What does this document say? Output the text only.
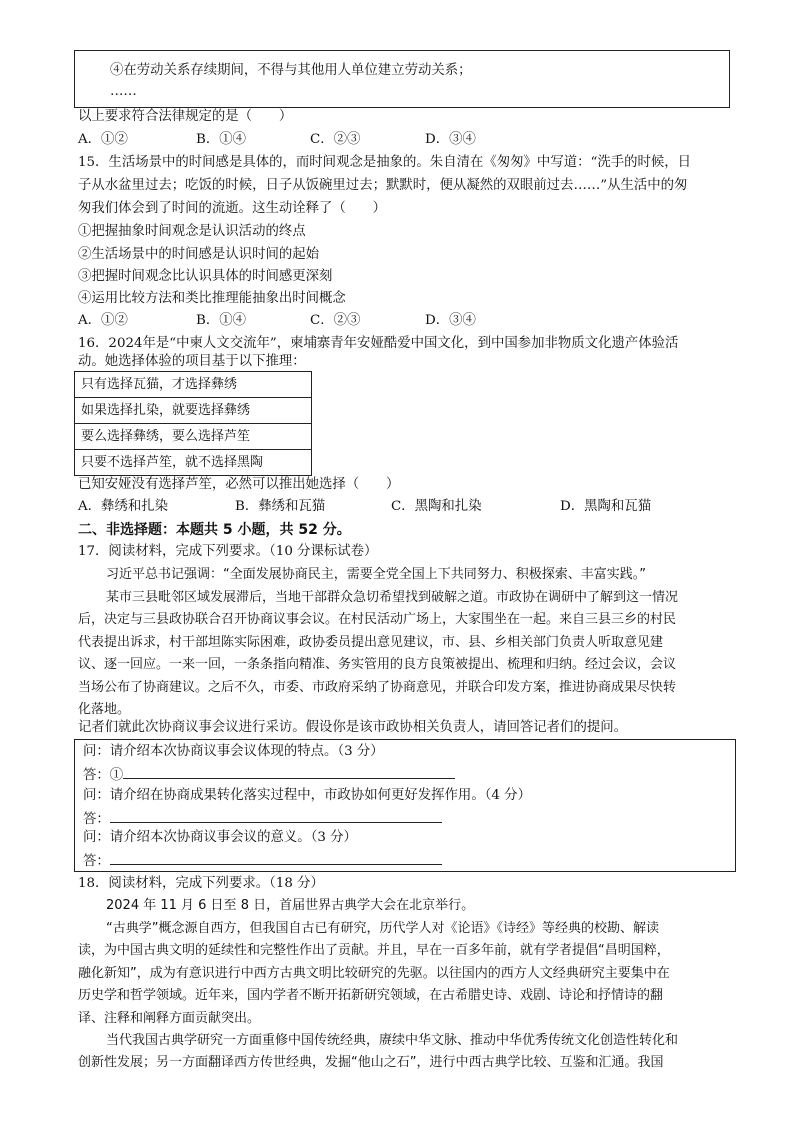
④在劳动关系存续期间，不得与其他用人单位建立劳动关系；
……
以上要求符合法律规定的是（　　）
A．①②	B．①④	C．②③	D．③④
15．生活场景中的时间感是具体的，而时间观念是抽象的。朱自清在《匆匆》中写道：“洗手的时候，日
子从水盆里过去；吃饭的时候，日子从饭碗里过去；默默时，便从凝然的双眼前过去……”从生活中的匆
匆我们体会到了时间的流逝。这生动诠释了（　　）
①把握抽象时间观念是认识活动的终点
②生活场景中的时间感是认识时间的起始
③把握时间观念比认识具体的时间感更深刻
④运用比较方法和类比推理能抽象出时间概念
A．①②	B．①④	C．②③	D．③④
16．2024年是“中柬人文交流年”，柬埔寨青年安娅酷爱中国文化，到中国参加非物质文化遗产体验活
动。她选择体验的项目基于以下推理：
只有选择瓦猫，才选择彝绣
如果选择扎染，就要选择彝绣
要么选择彝绣，要么选择芦笙
只要不选择芦笙，就不选择黑陶
已知安娅没有选择芦笙，必然可以推出她选择（　　）
A．彝绣和扎染	B．彝绣和瓦猫	C．黑陶和扎染	D．黑陶和瓦猫
二、非选择题：本题共 5 小题，共 52 分。
17．阅读材料，完成下列要求。（10 分课标试卷）
习近平总书记强调：“全面发展协商民主，需要全党全国上下共同努力、积极探索、丰富实践。”
某市三县毗邻区域发展滞后，当地干部群众急切希望找到破解之道。市政协在调研中了解到这一情况
后，决定与三县政协联合召开协商议事会议。在村民活动广场上，大家围坐在一起。来自三县三乡的村民
代表提出诉求，村干部坦陈实际困难，政协委员提出意见建议，市、县、乡相关部门负责人听取意见建
议、逐一回应。一来一回，一条条指向精准、务实管用的良方良策被提出、梳理和归纳。经过会议，会议
当场公布了协商建议。之后不久，市委、市政府采纳了协商意见，并联合印发方案，推进协商成果尽快转
化落地。
记者们就此次协商议事会议进行采访。假设你是该市政协相关负责人，请回答记者们的提问。
问：请介绍本次协商议事会议体现的特点。（3 分）
答：①
问：请介绍在协商成果转化落实过程中，市政协如何更好发挥作用。（4 分）
答：
问：请介绍本次协商议事会议的意义。（3 分）
答：
18．阅读材料，完成下列要求。（18 分）
2024 年 11 月 6 日至 8 日，首届世界古典学大会在北京举行。
“古典学”概念源自西方，但我国自古已有研究，历代学人对《论语》《诗经》等经典的校勘、解读
读，为中国古典文明的延续性和完整性作出了贡献。并且，早在一百多年前，就有学者提倡“昌明国粹，
融化新知”，成为有意识进行中西方古典文明比较研究的先驱。以往国内的西方人文经典研究主要集中在
历史学和哲学领域。近年来，国内学者不断开拓新研究领域，在古希腊史诗、戏剧、诗论和抒情诗的翻
译、注释和阐释方面贡献突出。
当代我国古典学研究一方面重修中国传统经典，赓续中华文脉、推动中华优秀传统文化创造性转化和
创新性发展；另一方面翻译西方传世经典，发掘“他山之石”，进行中西古典学比较、互鉴和汇通。我国
